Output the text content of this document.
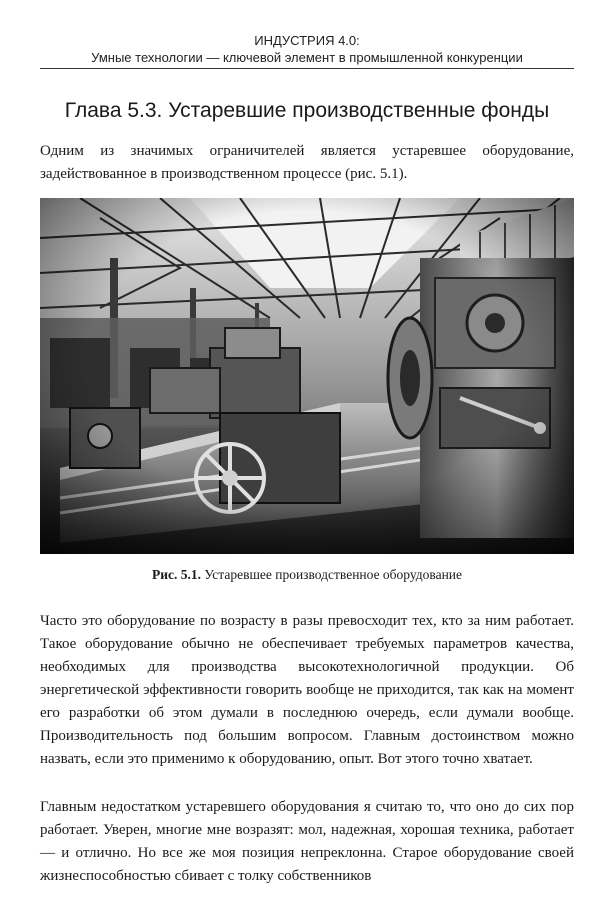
ИНДУСТРИЯ 4.0:
Умные технологии — ключевой элемент в промышленной конкуренции
Глава 5.3. Устаревшие производственные фонды

Одним из значимых ограничителей является устаревшее оборудование, задействованное в производственном процессе (рис. 5.1).

Рис. 5.1. Устаревшее производственное оборудование

Часто это оборудование по возрасту в разы превосходит тех, кто за ним работает. Такое оборудование обычно не обеспечивает требуемых параметров качества, необходимых для производства высокотехнологичной продукции. Об энергетической эффективности говорить вообще не приходится, так как на момент его разработки об этом думали в последнюю очередь, если думали вообще. Производительность под большим вопросом. Главным достоинством можно назвать, если это применимо к оборудованию, опыт. Вот этого точно хватает.

Главным недостатком устаревшего оборудования я считаю то, что оно до сих пор работает. Уверен, многие мне возразят: мол, надежная, хорошая техника, работает — и отлично. Но все же моя позиция непреклонна. Старое оборудование своей жизнеспособностью сбивает с толку собственников
